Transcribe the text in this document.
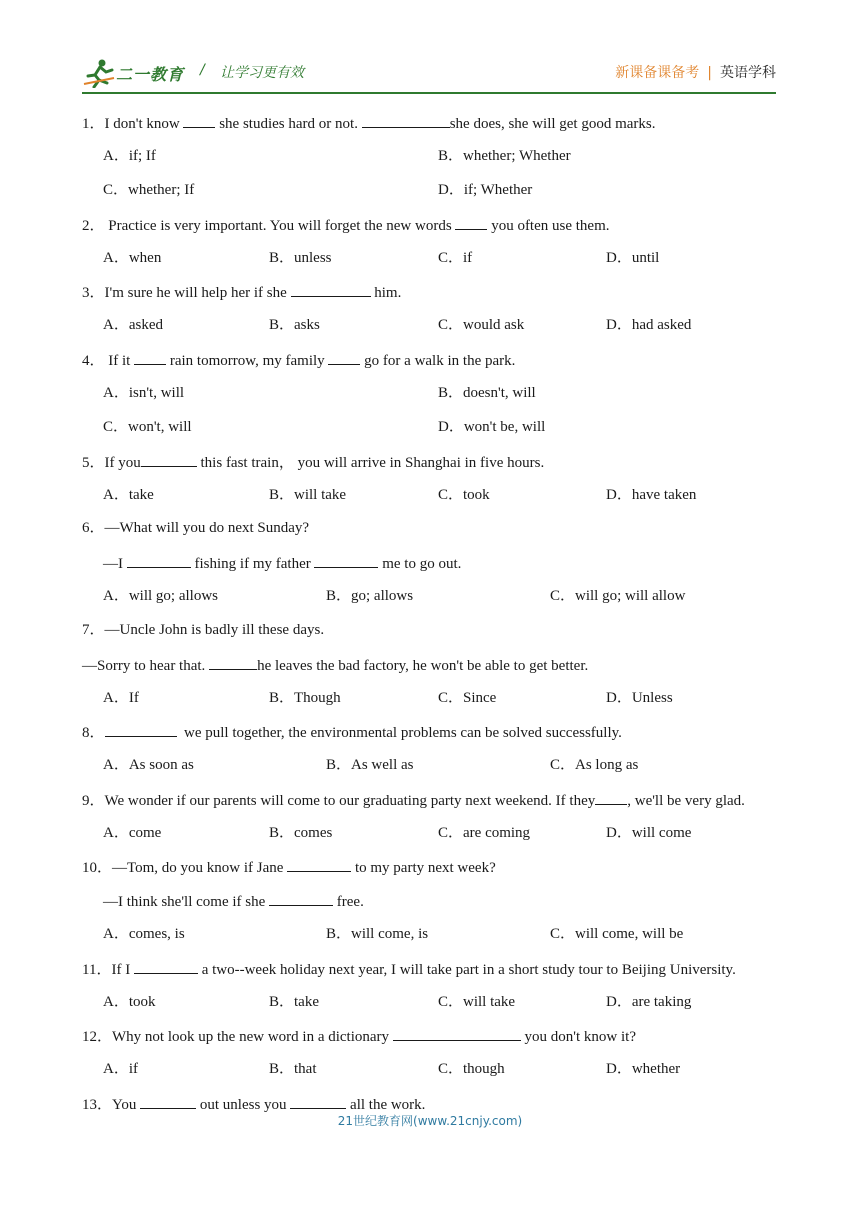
二一教育 / 让学习更有效	新课备课备考 | 英语学科
1．I don't know  she studies hard or not.	she does, she will get good marks.
A．if; If	B．whether; Whether
C．whether; If	D．if; Whether
2． Practice is very important. You will forget the new words  you often use them.
A．when	B．unless	C．if	D．until
3．I'm sure he will help her if she	him.
A．asked	B．asks	C．would ask	D．had asked
4． If it  rain tomorrow, my family  go for a walk in the park.
A．isn't, will	B．doesn't, will
C．won't, will	D．won't be, will
5．If you	this fast train， you will arrive in Shanghai in five hours.
A．take	B．will take	C．took	D．have taken
6．—What will you do next Sunday?
—I	fishing if my father	me to go out.
A．will go; allows	B．go; allows	C．will go; will allow
7．—Uncle John is badly ill these days.
—Sorry to hear that.	he leaves the bad factory, he won't be able to get better.
A．If	B．Though	C．Since	D．Unless
8．	we pull together, the environmental problems can be solved successfully.
A．As soon as	B．As well as	C．As long as
9．We wonder if our parents will come to our graduating party next weekend. If they , we'll be very glad.
A．come	B．comes	C．are coming	D．will come
10．—Tom, do you know if Jane	to my party next week?
—I think she'll come if she	free.
A．comes, is	B．will come, is	C．will come, will be
11．If I	a two--week holiday next year, I will take part in a short study tour to Beijing University.
A．took	B．take	C．will take	D．are taking
12．Why not look up the new word in a dictionary	you don't know it?
A．if	B．that	C．though	D．whether
13．You	out unless you	all the work.
21世纪教育网(www.21cnjy.com)
